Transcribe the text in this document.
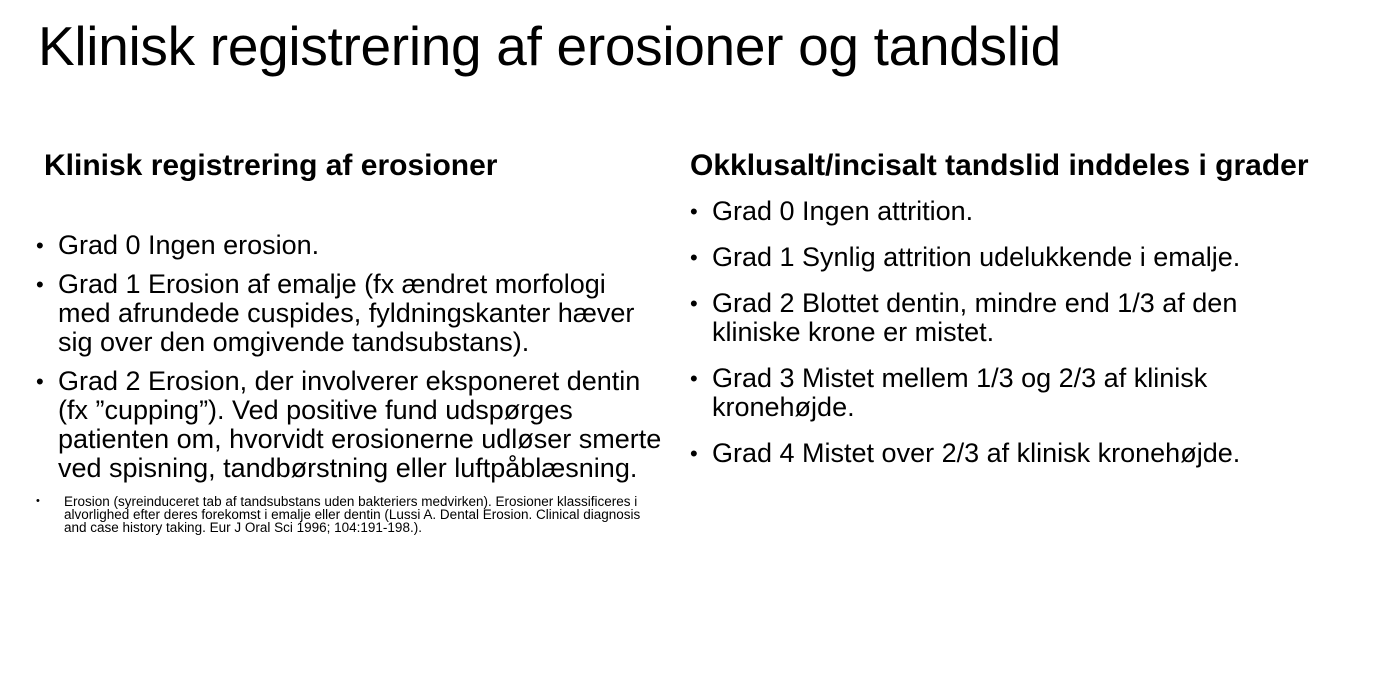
Klinisk registrering af erosioner og tandslid
Klinisk registrering af erosioner
• Grad 0 Ingen erosion.
• Grad 1 Erosion af emalje (fx ændret morfologi med afrundede cuspides, fyldningskanter hæver sig over den omgivende tandsubstans).
• Grad 2 Erosion, der involverer eksponeret dentin (fx ”cupping”). Ved positive fund udspørges patienten om, hvorvidt erosionerne udløser smerte ved spisning, tandbørstning eller luftpåblæsning.
• Erosion (syreinduceret tab af tandsubstans uden bakteriers medvirken). Erosioner klassificeres i alvorlighed efter deres forekomst i emalje eller dentin (Lussi A. Dental Erosion. Clinical diagnosis and case history taking. Eur J Oral Sci 1996; 104:191-198.).
Okklusalt/incisalt tandslid inddeles i grader
• Grad 0 Ingen attrition.
• Grad 1 Synlig attrition udelukkende i emalje.
• Grad 2 Blottet dentin, mindre end 1/3 af den kliniske krone er mistet.
• Grad 3 Mistet mellem 1/3 og 2/3 af klinisk kronehøjde.
• Grad 4 Mistet over 2/3 af klinisk kronehøjde.
